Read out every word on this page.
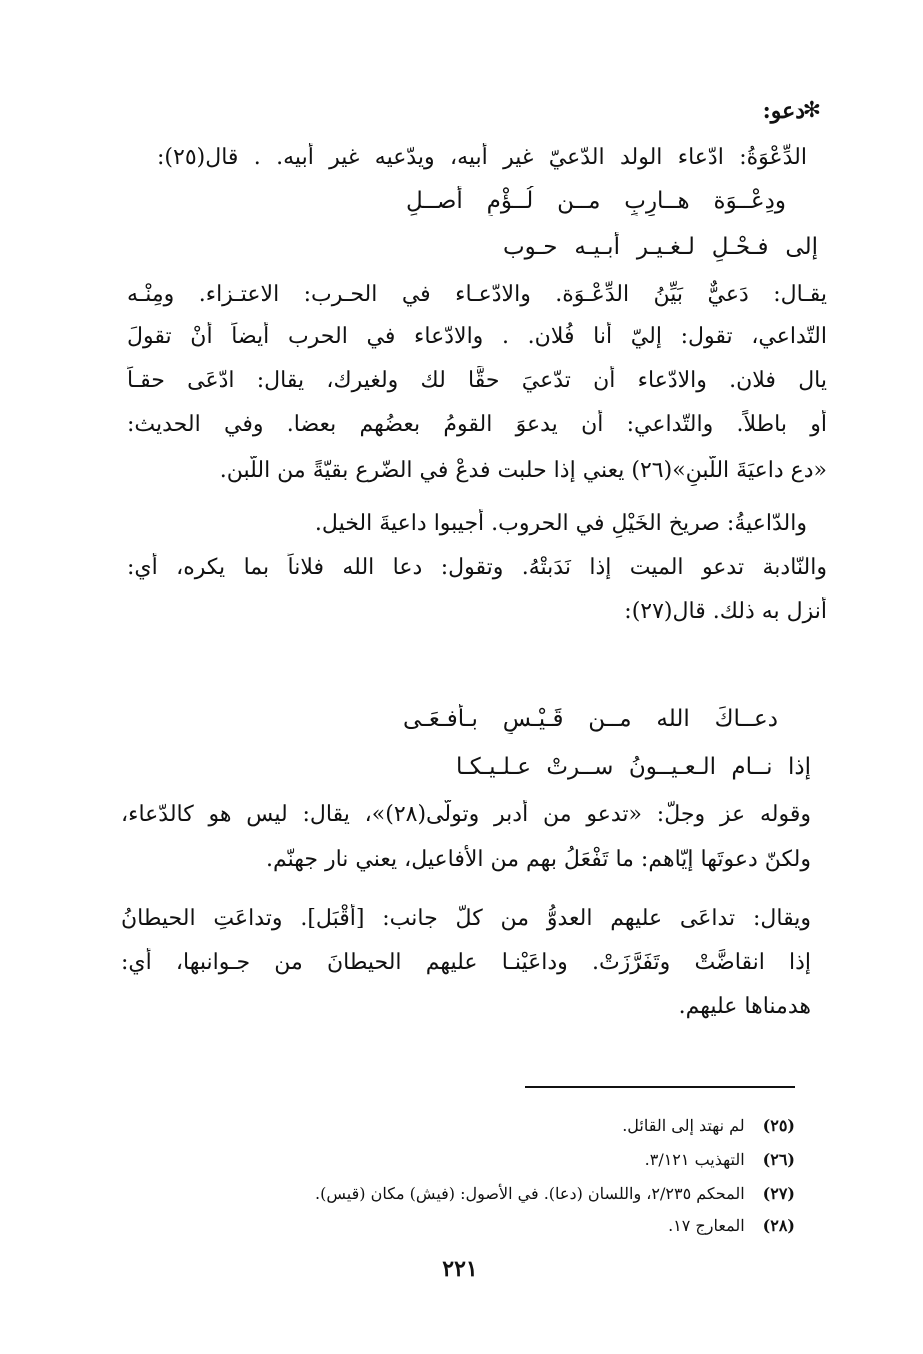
✻
دعو:
الدِّعْوَةُ: ادّعاء الولد الدّعيّ غير أبيه، ويدّعيه غير أبيه. . قال(٢٥):
ودِعْــوَة هــارِبٍ مــن لُــؤْمِ أصــلٍ
إلى فـحْـلٍ لـغـيـر أبـيـه حـوب
يقـال: دَعيٌّ بَيِّنُ الدِّعْـوَة. والادّعـاء في الحـرب: الاعتـزاء. ومِنْـه
التّداعي، تقول: إليّ أنا فُلان. . والادّعاء في الحرب أيضاً أنْ تقولَ
يال فلان. والادّعاء أن تدّعيَ حقًّا لك ولغيرك، يقال: ادّعَى حقـاً
أو باطلاً. والتّداعي: أن يدعوَ القومُ بعضُهم بعضا. وفي الحديث:
«دع داعيَةَ اللّبنِ»(٢٦) يعني إذا حلبت فدعْ في الضّرع بقيّةً من اللّبن.
والدّاعيةُ: صريخ الخَيْلِ في الحروب. أجيبوا داعيةَ الخيل.
والنّادبة تدعو الميت إذا نَدَبتْهُ. وتقول: دعا الله فلاناً بما يكره، أي:
أنزل به ذلك. قال(٢٧):
دعــاكَ الله مــن قَـيْـسٍ بـأفـعَـى
إذا نــام الـعـيــونُ ســرتْ عـلـيـكـا
وقوله عز وجلّ: «تدعو من أدبر وتولّى(٢٨)»، يقال: ليس هو كالدّعاء،
ولكنّ دعوتَها إيّاهم: ما تَفْعَلُ بهم من الأفاعيل، يعني نار جهنّم.
ويقال: تداعَى عليهم العدوُّ من كلّ جانب: [أقْبَل]. وتداعَتِ الحيطانُ
إذا انقاضَّتْ وتَفَرَّزَتْ. وداعَيْنـا عليهم الحيطانَ من جـوانبها، أي:
هدمناها عليهم.
(٢٥)لم نهتد إلى القائل.
(٢٦)التهذيب ٣/١٢١.
(٢٧)المحكم ٢/٢٣٥، واللسان (دعا). في الأصول: (فيش) مكان (قيس).
(٢٨)المعارج ١٧.
٢٢١
